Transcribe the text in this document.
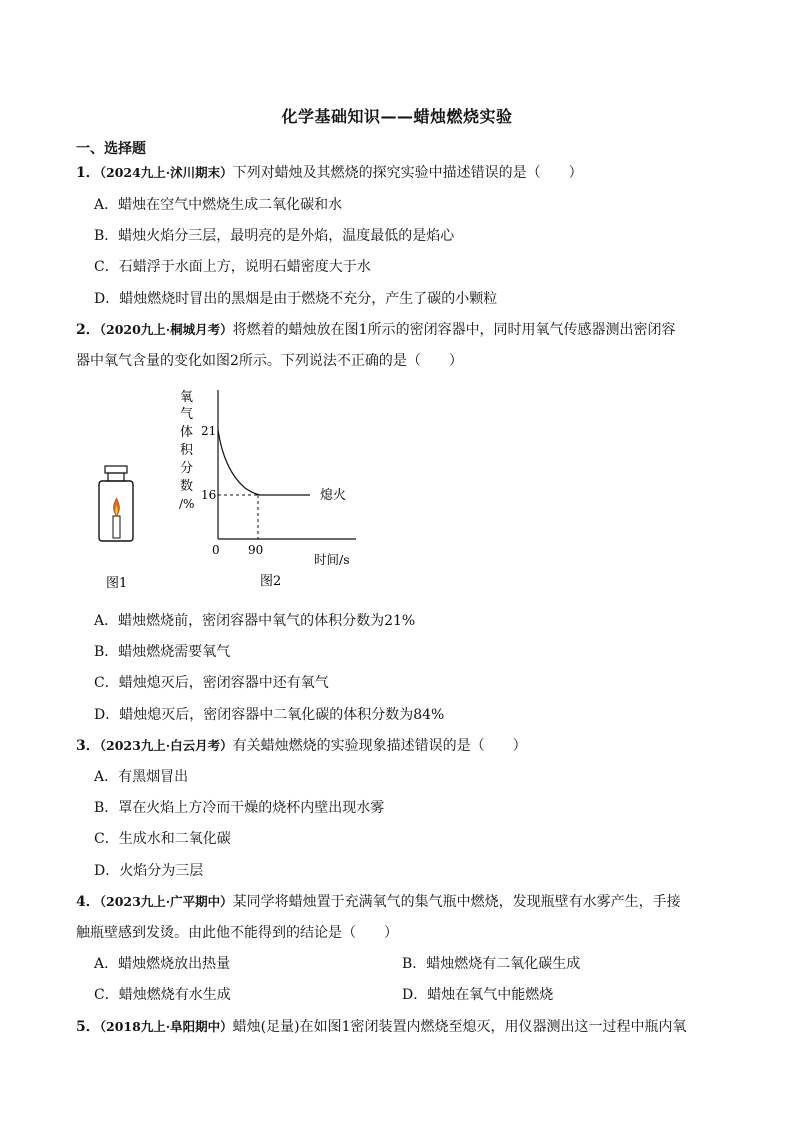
化学基础知识——蜡烛燃烧实验
一、选择题
1．（2024九上·沭川期末）下列对蜡烛及其燃烧的探究实验中描述错误的是（　　）
A．蜡烛在空气中燃烧生成二氧化碳和水
B．蜡烛火焰分三层，最明亮的是外焰，温度最低的是焰心
C．石蜡浮于水面上方，说明石蜡密度大于水
D．蜡烛燃烧时冒出的黑烟是由于燃烧不充分，产生了碳的小颗粒
2．（2020九上·桐城月考）将燃着的蜡烛放在图1所示的密闭容器中，同时用氧气传感器测出密闭容
器中氧气含量的变化如图2所示。下列说法不正确的是（　　）
图1
氧
气
体
积
分
数
/%
21
16
0 90
时间/s
熄火
图2
A．蜡烛燃烧前，密闭容器中氧气的体积分数为21%
B．蜡烛燃烧需要氧气
C．蜡烛熄灭后，密闭容器中还有氧气
D．蜡烛熄灭后，密闭容器中二氧化碳的体积分数为84%
3．（2023九上·白云月考）有关蜡烛燃烧的实验现象描述错误的是（　　）
A．有黑烟冒出
B．罩在火焰上方冷而干燥的烧杯内壁出现水雾
C．生成水和二氧化碳
D．火焰分为三层
4．（2023九上·广平期中）某同学将蜡烛置于充满氧气的集气瓶中燃烧，发现瓶壁有水雾产生，手接
触瓶壁感到发烫。由此他不能得到的结论是（　　）
A．蜡烛燃烧放出热量	B．蜡烛燃烧有二氧化碳生成
C．蜡烛燃烧有水生成	D．蜡烛在氧气中能燃烧
5．（2018九上·阜阳期中）蜡烛(足量)在如图1密闭装置内燃烧至熄灭，用仪器测出这一过程中瓶内氧
